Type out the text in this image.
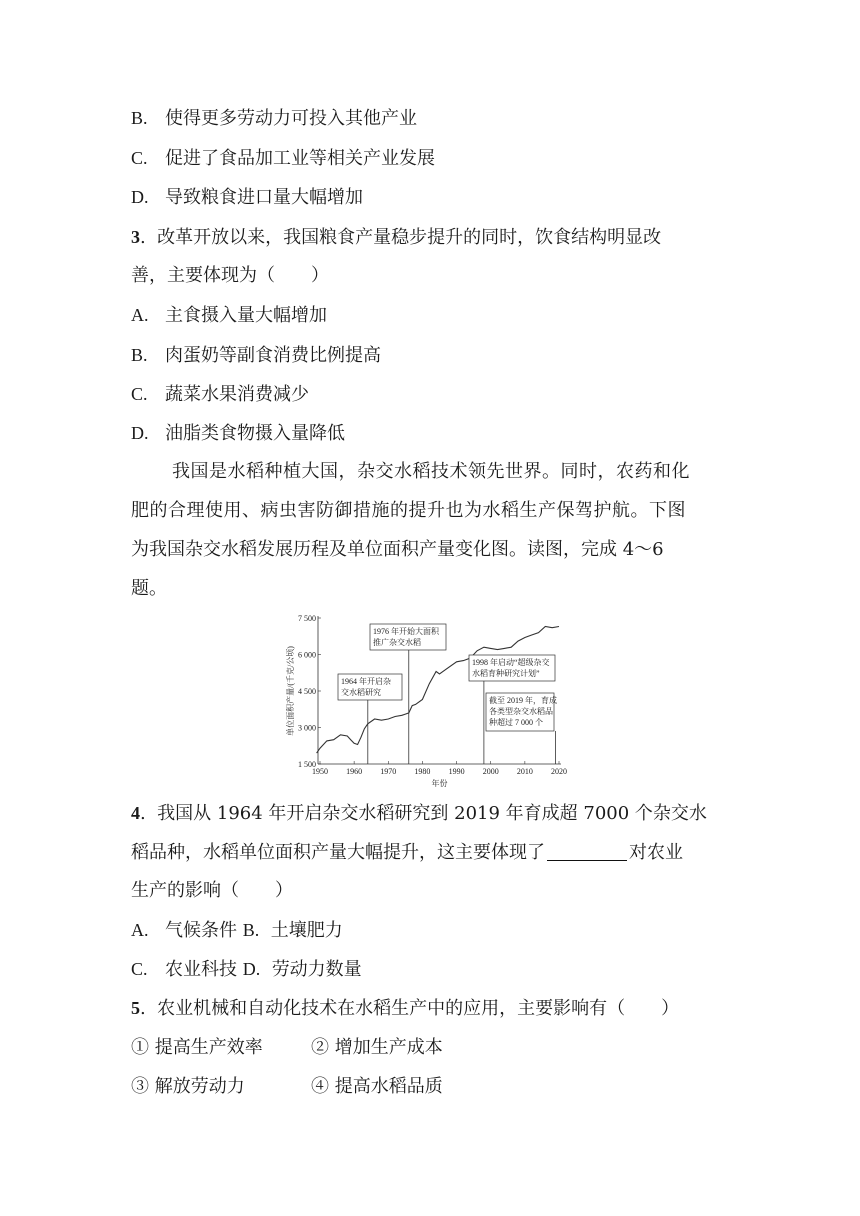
B. 使得更多劳动力可投入其他产业
C. 促进了食品加工业等相关产业发展
D. 导致粮食进口量大幅增加
3.  改革开放以来，我国粮食产量稳步提升的同时，饮食结构明显改
善，主要体现为（　　）
A. 主食摄入量大幅增加
B. 肉蛋奶等副食消费比例提高
C. 蔬菜水果消费减少
D. 油脂类食物摄入量降低
我国是水稻种植大国，杂交水稻技术领先世界。同时，农药和化
肥的合理使用、病虫害防御措施的提升也为水稻生产保驾护航。下图
为我国杂交水稻发展历程及单位面积产量变化图。读图，完成 4～6
题。
1950 1960 1970 1980 1990 2000 2010 2020
1 500
3 000
4 500
6 000
7 500
年份
单位面积产量/(千克/公顷)	1964 年开启杂
交水稻研究
1976 年开始大面积
推广杂交水稻
1998 年启动“超级杂交
水稻育种研究计划”
截至 2019 年，育成
各类型杂交水稻品
种超过 7 000 个
4.  我国从 1964 年开启杂交水稻研究到 2019 年育成超 7000 个杂交水
稻品种，水稻单位面积产量大幅提升，这主要体现了	对农业
生产的影响（　　）
A. 气候条件 B. 土壤肥力
C. 农业科技 D. 劳动力数量
5.  农业机械和自动化技术在水稻生产中的应用，主要影响有（　　）
① 提高生产效率	② 增加生产成本
③ 解放劳动力	④ 提高水稻品质
